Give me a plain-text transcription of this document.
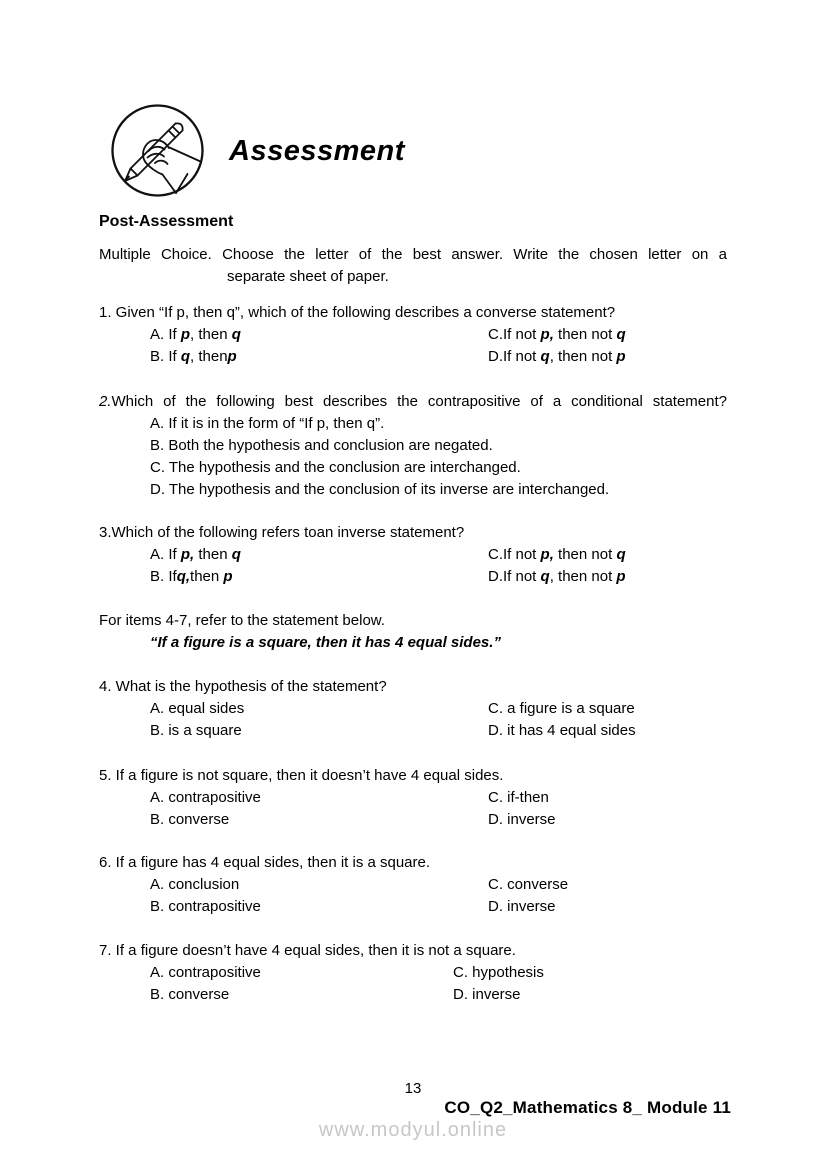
Assessment
Post-Assessment
Multiple Choice. Choose the letter of the best answer. Write the chosen letter on a
separate sheet of paper.
1. Given “If p, then q”, which of the following describes a converse statement?
A. If p, then q	C.If not p, then not q
B. If q, thenp	D.If not q, then not p
2.Which of the following best describes the contrapositive of a conditional statement?
A. If it is in the form of “If p, then q”.
B. Both the hypothesis and conclusion are negated.
C. The hypothesis and the conclusion are interchanged.
D. The hypothesis and the conclusion of its inverse are interchanged.
3.Which of the following refers toan inverse statement?
A. If p, then q	C.If not p, then not q
B. Ifq,then p	D.If not q, then not p
For items 4-7, refer to the statement below.
“If a figure is a square, then it has 4 equal sides.”
4. What is the hypothesis of the statement?
A. equal sides	C. a figure is a square
B. is a square	D. it has 4 equal sides
5. If a figure is not square, then it doesn’t have 4 equal sides.
A. contrapositive	C. if-then
B. converse	D. inverse
6. If a figure has 4 equal sides, then it is a square.
A. conclusion	C. converse
B. contrapositive	D. inverse
7. If a figure doesn’t have 4 equal sides, then it is not a square.
A. contrapositive	C. hypothesis
B. converse	D. inverse
13
CO_Q2_Mathematics 8_ Module 11
www.modyul.online
